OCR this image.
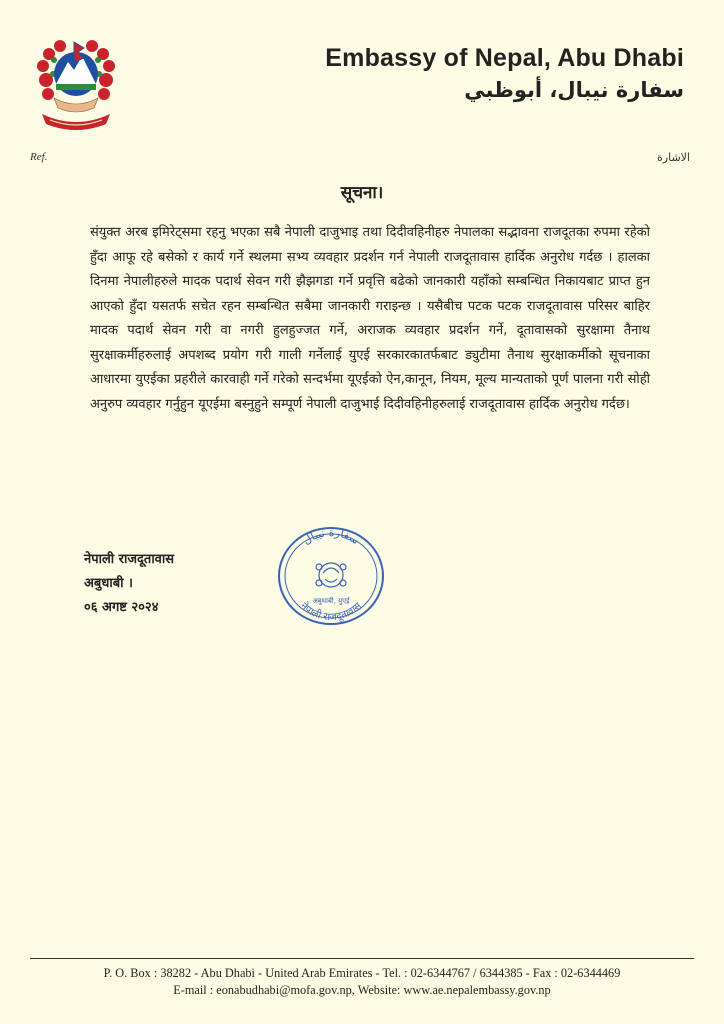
Embassy of Nepal, Abu Dhabi
سفارة نيبال، أبوظبي
Ref.	الاشارة
सूचना।
संयुक्त अरब इमिरेट्समा रहनु भएका सबै नेपाली दाजुभाइ तथा दिदीवहिनीहरु नेपालका सद्भावना राजदूतका रुपमा रहेको हुँदा आफू रहे बसेको र कार्य गर्ने स्थलमा सभ्य व्यवहार प्रदर्शन गर्न नेपाली राजदूतावास हार्दिक अनुरोध गर्दछ । हालका दिनमा नेपालीहरुले मादक पदार्थ सेवन गरी झैझगडा गर्ने प्रवृत्ति बढेको जानकारी यहाँको सम्बन्धित निकायबाट प्राप्त हुन आएको हुँदा यसतर्फ सचेत रहन सम्बन्धित सबैमा जानकारी गराइन्छ । यसैबीच पटक पटक राजदूतावास परिसर बाहिर मादक पदार्थ सेवन गरी वा नगरी हुलहुज्जत गर्ने, अराजक व्यवहार प्रदर्शन गर्ने, दूतावासको सुरक्षामा तैनाथ सुरक्षाकर्मीहरुलाई अपशब्द प्रयोग गरी गाली गर्नेलाई युएई सरकारकातर्फबाट ड्युटीमा तैनाथ सुरक्षाकर्मीको सूचनाका आधारमा युएईका प्रहरीले कारवाही गर्ने गरेको सन्दर्भमा यूएईको ऐन,कानून, नियम, मूल्य मान्यताको पूर्ण पालना गरी सोही अनुरुप व्यवहार गर्नुहुन यूएईमा बस्नुहुने सम्पूर्ण नेपाली दाजुभाई दिदीवहिनीहरुलाई राजदूतावास हार्दिक अनुरोध गर्दछ।
नेपाली राजदूतावास
अबुधाबी ।
०६ अगष्ट २०२४
سفارة نيبال
नेपाली राजदूतावास
अबुधाबी, युएई
P. O. Box : 38282 - Abu Dhabi - United Arab Emirates - Tel. : 02-6344767 / 6344385 - Fax : 02-6344469
E-mail : eonabudhabi@mofa.gov.np, Website: www.ae.nepalembassy.gov.np
